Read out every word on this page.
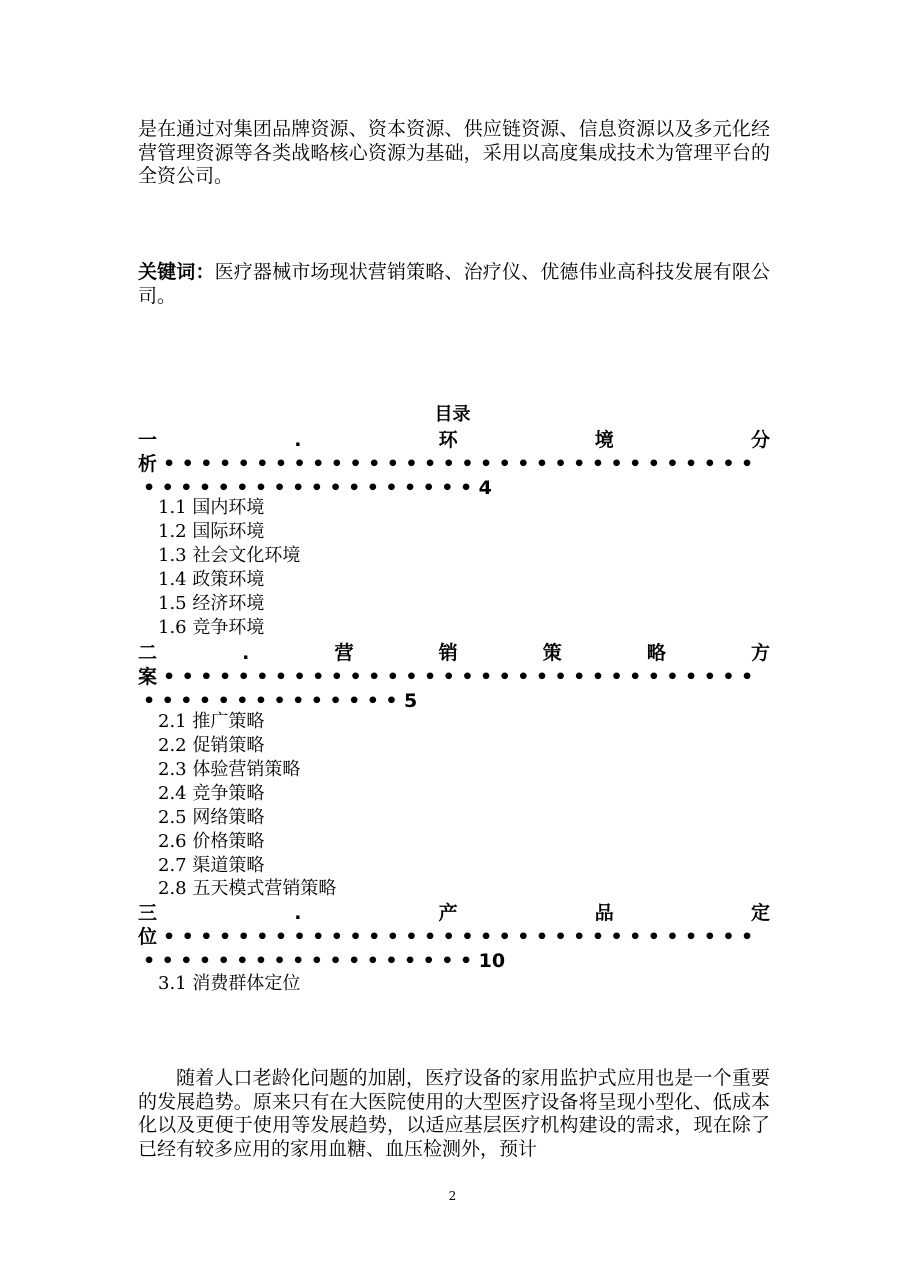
是在通过对集团品牌资源、资本资源、供应链资源、信息资源以及多元化经营管理资源等各类战略核心资源为基础，采用以高度集成技术为管理平台的全资公司。
关键词：医疗器械市场现状营销策略、治疗仪、优德伟业高科技发展有限公司。
目录
一	.	环	境	分
析 ••••••••••••••••••••••••••••••••
••••••••••••••••••4
1.1 国内环境
1.2 国际环境
1.3 社会文化环境
1.4 政策环境
1.5 经济环境
1.6 竞争环境
二	.	营	销	策	略	方
案 ••••••••••••••••••••••••••••••••
••••••••••••••5
2.1 推广策略
2.2 促销策略
2.3 体验营销策略
2.4 竞争策略
2.5 网络策略
2.6 价格策略
2.7 渠道策略
2.8 五天模式营销策略
三	.	产	品	定
位 ••••••••••••••••••••••••••••••••
••••••••••••••••••10
3.1 消费群体定位
随着人口老龄化问题的加剧，医疗设备的家用监护式应用也是一个重要的发展趋势。原来只有在大医院使用的大型医疗设备将呈现小型化、低成本化以及更便于使用等发展趋势，以适应基层医疗机构建设的需求，现在除了已经有较多应用的家用血糖、血压检测外，预计
2
